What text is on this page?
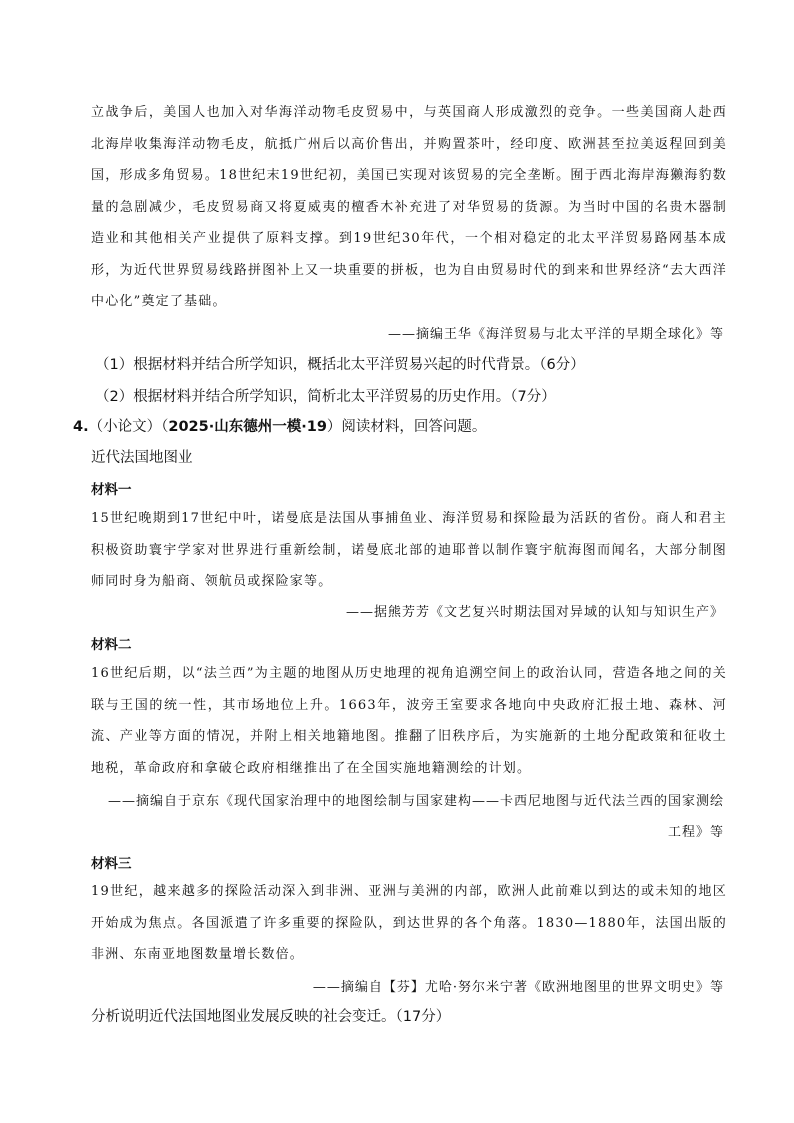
立战争后，美国人也加入对华海洋动物毛皮贸易中，与英国商人形成激烈的竞争。一些美国商人赴西北海岸收集海洋动物毛皮，航抵广州后以高价售出，并购置茶叶，经印度、欧洲甚至拉美返程回到美国，形成多角贸易。18世纪末19世纪初，美国已实现对该贸易的完全垄断。囿于西北海岸海獭海豹数量的急剧减少，毛皮贸易商又将夏威夷的檀香木补充进了对华贸易的货源。为当时中国的名贵木器制造业和其他相关产业提供了原料支撑。到19世纪30年代，一个相对稳定的北太平洋贸易路网基本成形，为近代世界贸易线路拼图补上又一块重要的拼板，也为自由贸易时代的到来和世界经济“去大西洋中心化”奠定了基础。

——摘编王华《海洋贸易与北太平洋的早期全球化》等

（1）根据材料并结合所学知识，概括北太平洋贸易兴起的时代背景。（6分）

（2）根据材料并结合所学知识，简析北太平洋贸易的历史作用。（7分）

4.（小论文）（2025·山东德州一模·19）阅读材料，回答问题。

近代法国地图业

材料一

15世纪晚期到17世纪中叶，诺曼底是法国从事捕鱼业、海洋贸易和探险最为活跃的省份。商人和君主积极资助寰宇学家对世界进行重新绘制，诺曼底北部的迪耶普以制作寰宇航海图而闻名，大部分制图师同时身为船商、领航员或探险家等。

——据熊芳芳《文艺复兴时期法国对异域的认知与知识生产》

材料二

16世纪后期，以“法兰西”为主题的地图从历史地理的视角追溯空间上的政治认同，营造各地之间的关联与王国的统一性，其市场地位上升。1663年，波旁王室要求各地向中央政府汇报土地、森林、河流、产业等方面的情况，并附上相关地籍地图。推翻了旧秩序后，为实施新的土地分配政策和征收土地税，革命政府和拿破仑政府相继推出了在全国实施地籍测绘的计划。

——摘编自于京东《现代国家治理中的地图绘制与国家建构——卡西尼地图与近代法兰西的国家测绘工程》等

材料三

19世纪，越来越多的探险活动深入到非洲、亚洲与美洲的内部，欧洲人此前难以到达的或未知的地区开始成为焦点。各国派遣了许多重要的探险队，到达世界的各个角落。1830—1880年，法国出版的非洲、东南亚地图数量增长数倍。

——摘编自【芬】尤哈·努尔米宁著《欧洲地图里的世界文明史》等

分析说明近代法国地图业发展反映的社会变迁。（17分）
